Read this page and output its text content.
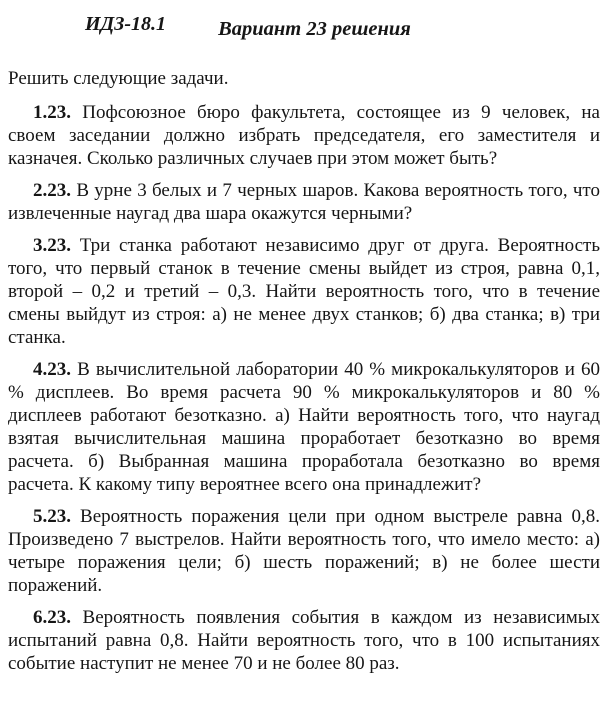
ИДЗ-18.1	Вариант 23 решения

Решить следующие задачи.

1.23. Пофсоюзное бюро факультета, состоящее из 9 человек, на своем заседании должно избрать председателя, его заместителя и казначея. Сколько различных случаев при этом может быть?

2.23. В урне 3 белых и 7 черных шаров. Какова вероятность того, что извлеченные наугад два шара окажутся черными?

3.23. Три станка работают независимо друг от друга. Вероятность того, что первый станок в течение смены выйдет из строя, равна 0,1, второй – 0,2 и третий – 0,3. Найти вероятность того, что в течение смены выйдут из строя: а) не менее двух станков; б) два станка; в) три станка.

4.23. В вычислительной лаборатории 40 % микрокалькуляторов и 60 % дисплеев. Во время расчета 90 % микрокалькуляторов и 80 % дисплеев работают безотказно. а) Найти вероятность того, что наугад взятая вычислительная машина проработает безотказно во время расчета. б) Выбранная машина проработала безотказно во время расчета. К какому типу вероятнее всего она принадлежит?

5.23. Вероятность поражения цели при одном выстреле равна 0,8. Произведено 7 выстрелов. Найти вероятность того, что имело место: а) четыре поражения цели; б) шесть поражений; в) не более шести поражений.

6.23. Вероятность появления события в каждом из независимых испытаний равна 0,8. Найти вероятность того, что в 100 испытаниях событие наступит не менее 70 и не более 80 раз.
